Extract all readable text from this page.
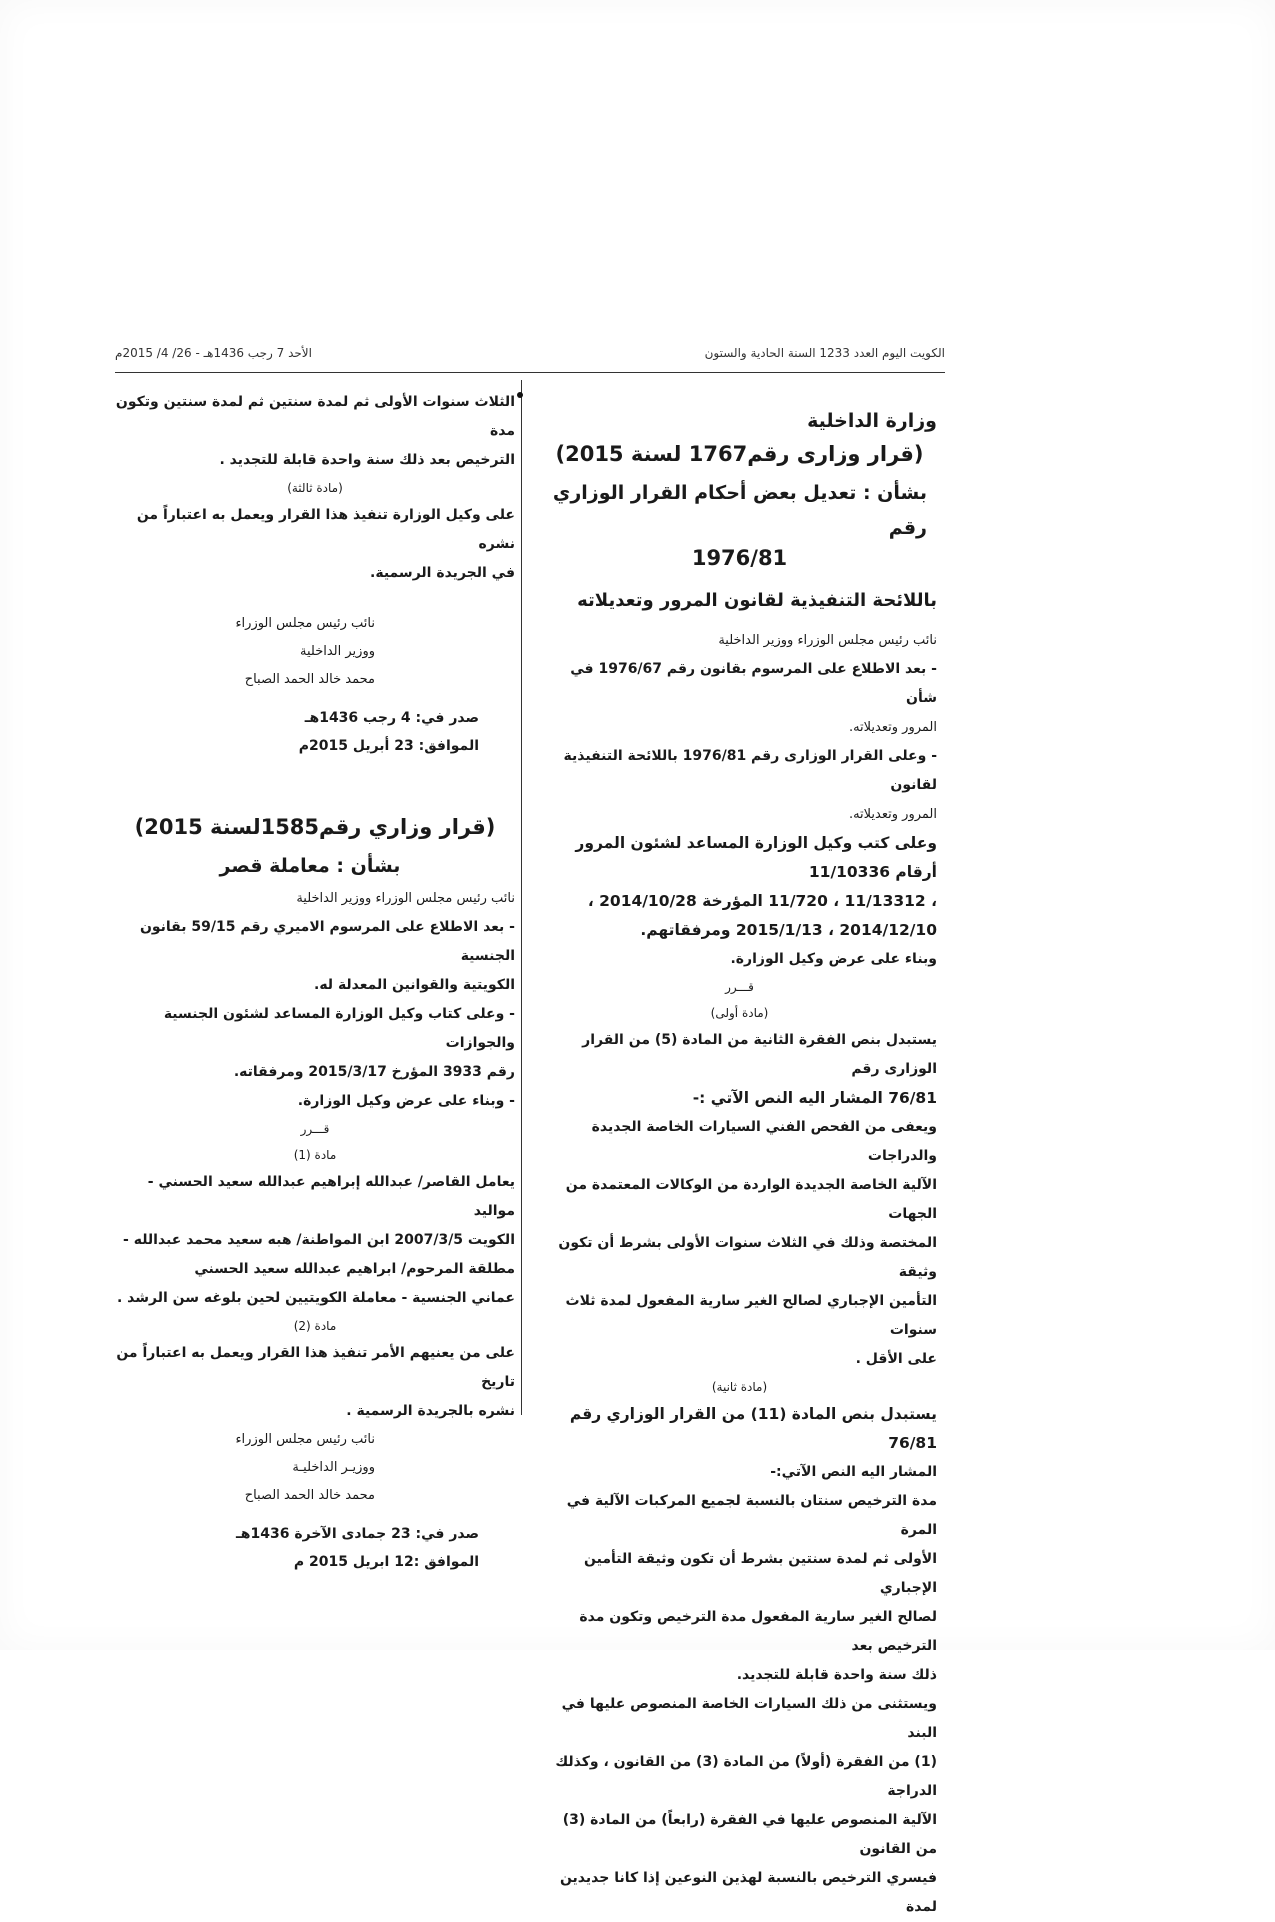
الكويت اليوم العدد 1233 السنة الحادية والستون
الأحد 7 رجب 1436هـ - 26/ 4/ 2015م

وزارة الداخلية

(قرار وزارى رقم1767 لسنة 2015)

بشأن : تعديل بعض أحكام القرار الوزاري رقم

1976/81

باللائحة التنفيذية لقانون المرور وتعديلاته

نائب رئيس مجلس الوزراء ووزير الداخلية

- بعد الاطلاع على المرسوم بقانون رقم 1976/67 في شأن

المرور وتعديلاته.

- وعلى القرار الوزارى رقم 1976/81 باللائحة التنفيذية لقانون

المرور وتعديلاته.

وعلى كتب وكيل الوزارة المساعد لشئون المرور أرقام 11/10336

، 11/13312 ، 11/720 المؤرخة 2014/10/28 ،

2014/12/10 ، 2015/1/13 ومرفقاتهم.

وبناء على عرض وكيل الوزارة.

قـــرر

(مادة أولى)

يستبدل بنص الفقرة الثانية من المادة (5) من القرار الوزارى رقم

76/81 المشار اليه النص الآتي :-

ويعفى من الفحص الفني السيارات الخاصة الجديدة والدراجات

الآلية الخاصة الجديدة الواردة من الوكالات المعتمدة من الجهات

المختصة وذلك في الثلاث سنوات الأولى بشرط أن تكون وثيقة

التأمين الإجباري لصالح الغير سارية المفعول لمدة ثلاث سنوات

على الأقل .

(مادة ثانية)

يستبدل بنص المادة (11) من القرار الوزاري رقم 76/81

المشار اليه النص الآتي:-

مدة الترخيص سنتان بالنسبة لجميع المركبات الآلية في المرة

الأولى ثم لمدة سنتين بشرط أن تكون وثيقة التأمين الإجباري

لصالح الغير سارية المفعول مدة الترخيص وتكون مدة الترخيص بعد

ذلك سنة واحدة قابلة للتجديد.

ويستثنى من ذلك السيارات الخاصة المنصوص عليها في البند

(1) من الفقرة (أولاً) من المادة (3) من القانون ، وكذلك الدراجة

الآلية المنصوص عليها في الفقرة (رابعاً) من المادة (3) من القانون

فيسري الترخيص بالنسبة لهذين النوعين إذا كانا جديدين لمدة

الثلاث سنوات الأولى ثم لمدة سنتين ثم لمدة سنتين وتكون مدة

الترخيص بعد ذلك سنة واحدة قابلة للتجديد .

(مادة ثالثة)

على وكيل الوزارة تنفيذ هذا القرار ويعمل به اعتباراً من نشره

في الجريدة الرسمية.

نائب رئيس مجلس الوزراء

ووزير الداخلية

محمد خالد الحمد الصباح

صدر في: 4 رجب 1436هـ

الموافق: 23 أبريل 2015م

(قرار وزاري رقم1585لسنة 2015)

بشأن : معاملة قصر

نائب رئيس مجلس الوزراء ووزير الداخلية

- بعد الاطلاع على المرسوم الاميري رقم 59/15 بقانون الجنسية

الكويتية والقوانين المعدلة له.

- وعلى كتاب وكيل الوزارة المساعد لشئون الجنسية والجوازات

رقم 3933 المؤرخ 2015/3/17 ومرفقاته.

- وبناء على عرض وكيل الوزارة.

قـــرر

مادة (1)

يعامل القاصر/ عبدالله إبراهيم عبدالله سعيد الحسني - مواليد

الكويت 2007/3/5 ابن المواطنة/ هبه سعيد محمد عبدالله -

مطلقة المرحوم/ ابراهيم عبدالله سعيد الحسني

عماني الجنسية - معاملة الكويتيين لحين بلوغه سن الرشد .

مادة (2)

على من يعنيهم الأمر تنفيذ هذا القرار ويعمل به اعتباراً من تاريخ

نشره بالجريدة الرسمية .

نائب رئيس مجلس الوزراء

ووزيـر الداخليـة

محمد خالد الحمد الصباح

صدر في: 23 جمادى الآخرة 1436هـ

الموافق :12 ابريل 2015 م
